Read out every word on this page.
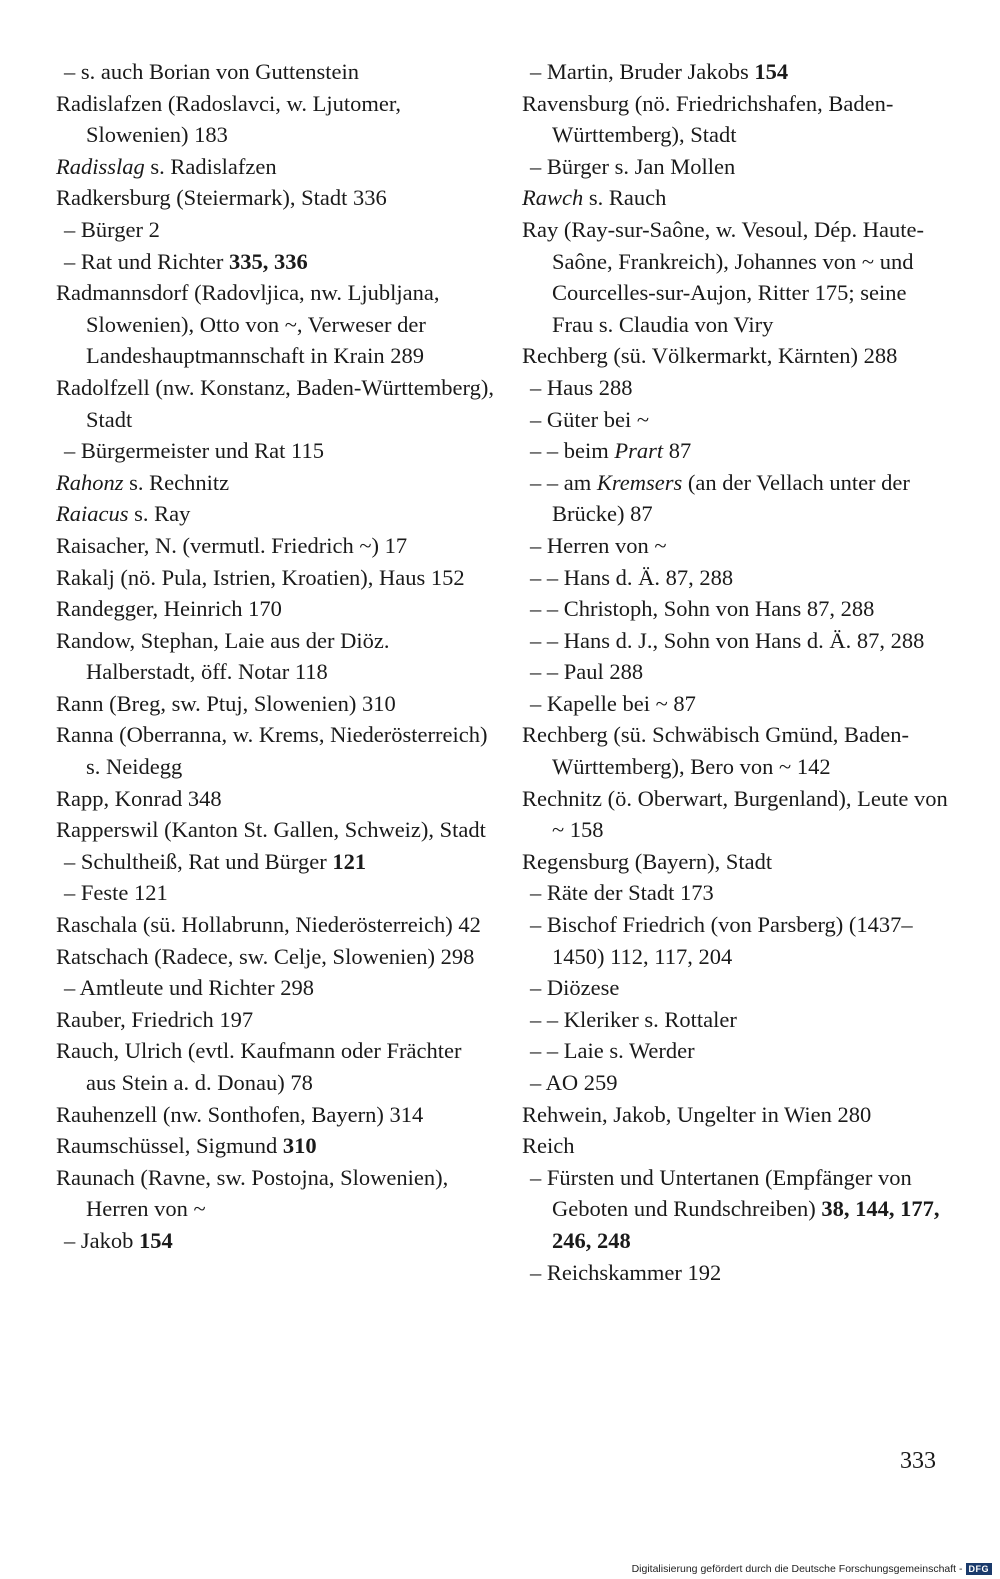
– s. auch Borian von Guttenstein

Radislafzen (Radoslavci, w. Ljutomer, Slowenien) 183

Radisslag s. Radislafzen

Radkersburg (Steiermark), Stadt 336

– Bürger 2

– Rat und Richter 335, 336

Radmannsdorf (Radovljica, nw. Ljubljana, Slowenien), Otto von ~, Verweser der Landeshauptmannschaft in Krain 289

Radolfzell (nw. Konstanz, Baden-Württemberg), Stadt

– Bürgermeister und Rat 115

Rahonz s. Rechnitz

Raiacus s. Ray

Raisacher, N. (vermutl. Friedrich ~) 17

Rakalj (nö. Pula, Istrien, Kroatien), Haus 152

Randegger, Heinrich 170

Randow, Stephan, Laie aus der Diöz. Halberstadt, öff. Notar 118

Rann (Breg, sw. Ptuj, Slowenien) 310

Ranna (Oberranna, w. Krems, Niederösterreich) s. Neidegg

Rapp, Konrad 348

Rapperswil (Kanton St. Gallen, Schweiz), Stadt

– Schultheiß, Rat und Bürger 121

– Feste 121

Raschala (sü. Hollabrunn, Niederösterreich) 42

Ratschach (Radece, sw. Celje, Slowenien) 298

– Amtleute und Richter 298

Rauber, Friedrich 197

Rauch, Ulrich (evtl. Kaufmann oder Frächter aus Stein a. d. Donau) 78

Rauhenzell (nw. Sonthofen, Bayern) 314

Raumschüssel, Sigmund 310

Raunach (Ravne, sw. Postojna, Slowenien), Herren von ~

– Jakob 154

– Martin, Bruder Jakobs 154

Ravensburg (nö. Friedrichshafen, Baden-Württemberg), Stadt

– Bürger s. Jan Mollen

Rawch s. Rauch

Ray (Ray-sur-Saône, w. Vesoul, Dép. Haute-Saône, Frankreich), Johannes von ~ und Courcelles-sur-Aujon, Ritter 175; seine Frau s. Claudia von Viry

Rechberg (sü. Völkermarkt, Kärnten) 288

– Haus 288

– Güter bei ~

– – beim Prart 87

– – am Kremsers (an der Vellach unter der Brücke) 87

– Herren von ~

– – Hans d. Ä. 87, 288

– – Christoph, Sohn von Hans 87, 288

– – Hans d. J., Sohn von Hans d. Ä. 87, 288

– – Paul 288

– Kapelle bei ~ 87

Rechberg (sü. Schwäbisch Gmünd, Baden-Württemberg), Bero von ~ 142

Rechnitz (ö. Oberwart, Burgenland), Leute von ~ 158

Regensburg (Bayern), Stadt

– Räte der Stadt 173

– Bischof Friedrich (von Parsberg) (1437–1450) 112, 117, 204

– Diözese

– – Kleriker s. Rottaler

– – Laie s. Werder

– AO 259

Rehwein, Jakob, Ungelter in Wien 280

Reich

– Fürsten und Untertanen (Empfänger von Geboten und Rundschreiben) 38, 144, 177, 246, 248

– Reichskammer 192

333
Digitalisierung gefördert durch die Deutsche Forschungsgemeinschaft - DFG
